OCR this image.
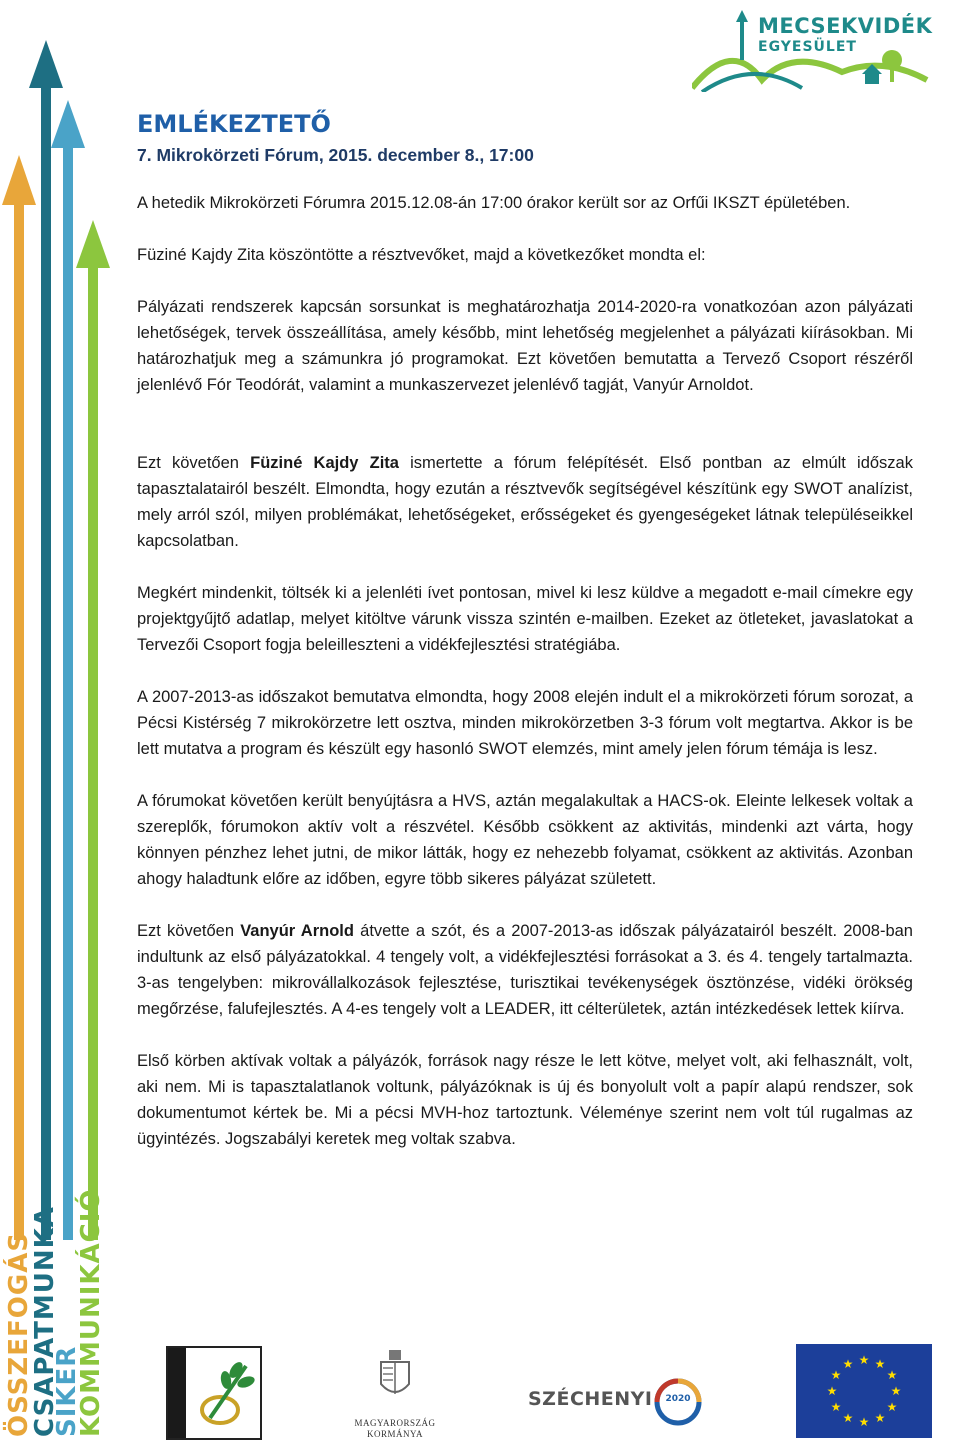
ÖSSZEFOGÁS
CSAPATMUNKA
SIKER
KOMMUNIKÁCIÓ
MECSEKVIDÉK
EGYESÜLET
EMLÉKEZTETŐ
7. Mikrokörzeti Fórum, 2015. december 8., 17:00

A hetedik Mikrokörzeti Fórumra 2015.12.08-án 17:00 órakor került sor az Orfűi IKSZT épületében.

Füziné Kajdy Zita köszöntötte a résztvevőket, majd a következőket mondta el:

Pályázati rendszerek kapcsán sorsunkat is meghatározhatja 2014-2020-ra vonatkozóan azon pályázati lehetőségek, tervek összeállítása, amely később, mint lehetőség megjelenhet a pályázati kiírásokban. Mi határozhatjuk meg a számunkra jó programokat. Ezt követően bemutatta a Tervező Csoport részéről jelenlévő Fór Teodórát, valamint a munkaszervezet jelenlévő tagját, Vanyúr Arnoldot.

Ezt követően Füziné Kajdy Zita ismertette a fórum felépítését. Első pontban az elmúlt időszak tapasztalatairól beszélt. Elmondta, hogy ezután a résztvevők segítségével készítünk egy SWOT analízist, mely arról szól, milyen problémákat, lehetőségeket, erősségeket és gyengeségeket látnak településeikkel kapcsolatban.

Megkért mindenkit, töltsék ki a jelenléti ívet pontosan, mivel ki lesz küldve a megadott e-mail címekre egy projektgyűjtő adatlap, melyet kitöltve várunk vissza szintén e-mailben. Ezeket az ötleteket, javaslatokat a Tervezői Csoport fogja beleilleszteni a vidékfejlesztési stratégiába.

A 2007-2013-as időszakot bemutatva elmondta, hogy 2008 elején indult el a mikrokörzeti fórum sorozat, a Pécsi Kistérség 7 mikrokörzetre lett osztva, minden mikrokörzetben 3-3 fórum volt megtartva. Akkor is be lett mutatva a program és készült egy hasonló SWOT elemzés, mint amely jelen fórum témája is lesz.

A fórumokat követően került benyújtásra a HVS, aztán megalakultak a HACS-ok. Eleinte lelkesek voltak a szereplők, fórumokon aktív volt a részvétel. Később csökkent az aktivitás, mindenki azt várta, hogy könnyen pénzhez lehet jutni, de mikor látták, hogy ez nehezebb folyamat, csökkent az aktivitás. Azonban ahogy haladtunk előre az időben, egyre több sikeres pályázat született.

Ezt követően Vanyúr Arnold átvette a szót, és a 2007-2013-as időszak pályázatairól beszélt. 2008-ban indultunk az első pályázatokkal. 4 tengely volt, a vidékfejlesztési forrásokat a 3. és 4. tengely tartalmazta. 3-as tengelyben: mikrovállalkozások fejlesztése, turisztikai tevékenységek ösztönzése, vidéki örökség megőrzése, falufejlesztés. A 4-es tengely volt a LEADER, itt célterületek, aztán intézkedések lettek kiírva.

Első körben aktívak voltak a pályázók, források nagy része le lett kötve, melyet volt, aki felhasznált, volt, aki nem. Mi is tapasztalatlanok voltunk, pályázóknak is új és bonyolult volt a papír alapú rendszer, sok dokumentumot kértek be. Mi a pécsi MVH-hoz tartoztunk. Véleménye szerint nem volt túl rugalmas az ügyintézés. Jogszabályi keretek meg voltak szabva.

LEADER	MAGYARORSZÁG
KORMÁNYA
SZÉCHENYI	2020
★ ★
★
★
★
★
★
★
★
★
★
★
